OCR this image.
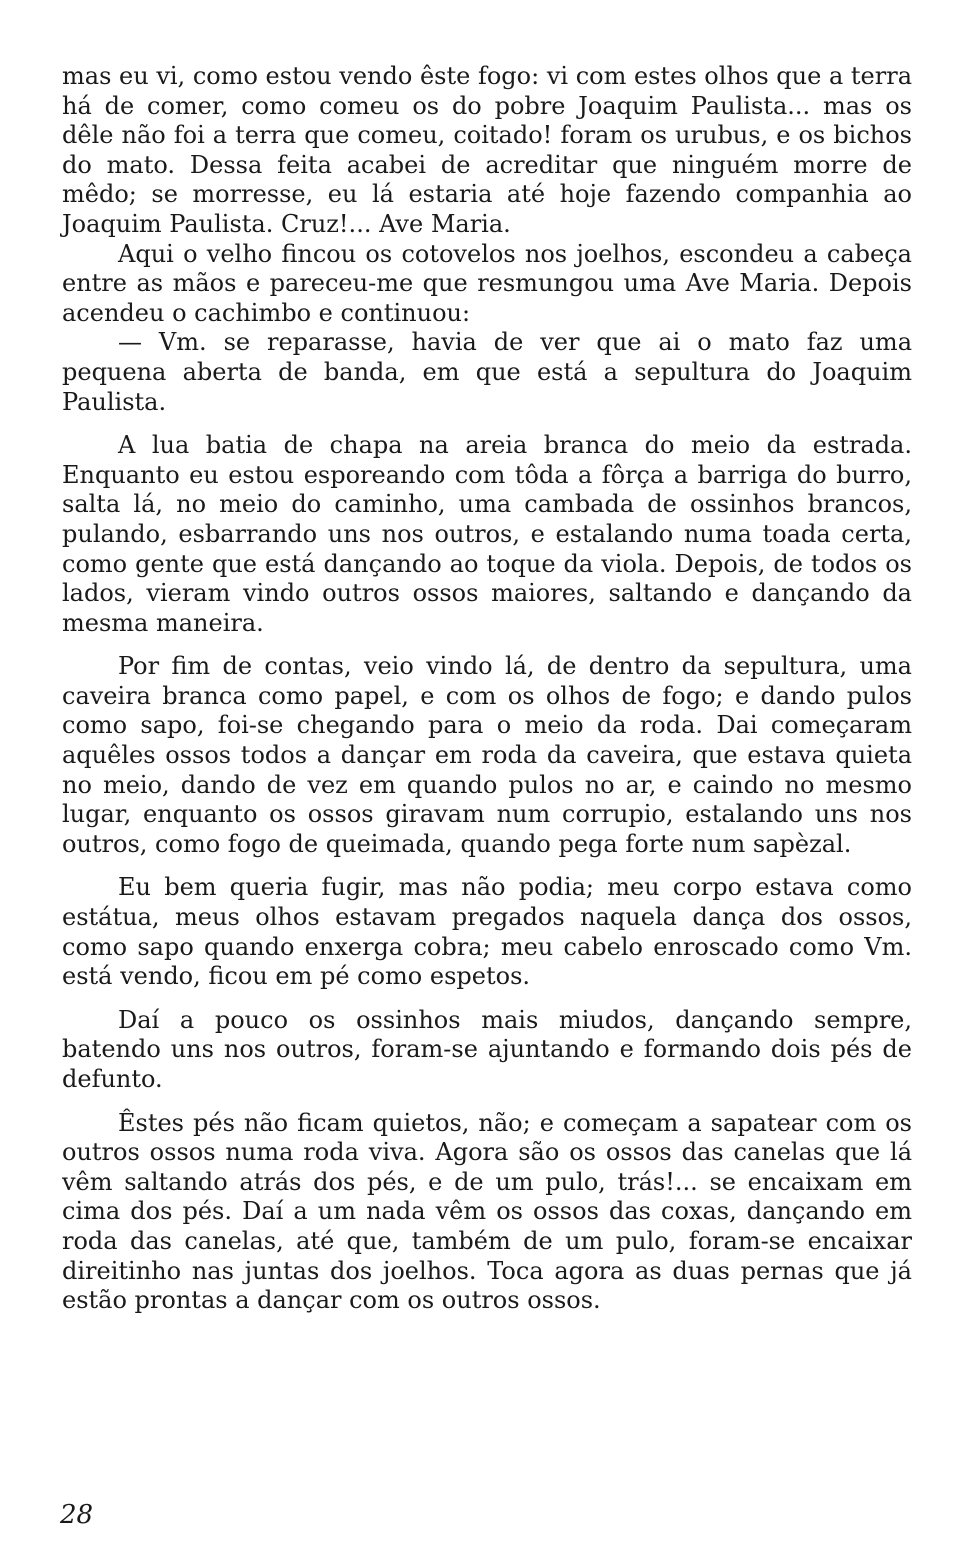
mas eu vi, como estou vendo êste fogo: vi com estes olhos que a terra há de comer, como comeu os do pobre Joaquim Paulista... mas os dêle não foi a terra que comeu, coitado! foram os urubus, e os bichos do mato. Dessa feita acabei de acreditar que ninguém morre de mêdo; se morresse, eu lá estaria até hoje fazendo companhia ao Joaquim Paulista. Cruz!... Ave Maria.

Aqui o velho fincou os cotovelos nos joelhos, escondeu a cabeça entre as mãos e pareceu-me que resmungou uma Ave Maria. Depois acendeu o cachimbo e continuou:

— Vm. se reparasse, havia de ver que ai o mato faz uma pequena aberta de banda, em que está a sepultura do Joaquim Paulista.

A lua batia de chapa na areia branca do meio da estrada. Enquanto eu estou esporeando com tôda a fôrça a barriga do burro, salta lá, no meio do caminho, uma cambada de ossinhos brancos, pulando, esbarrando uns nos outros, e estalando numa toada certa, como gente que está dançando ao toque da viola. Depois, de todos os lados, vieram vindo outros ossos maiores, saltando e dançando da mesma maneira.

Por fim de contas, veio vindo lá, de dentro da sepultura, uma caveira branca como papel, e com os olhos de fogo; e dando pulos como sapo, foi-se chegando para o meio da roda. Dai começaram aquêles ossos todos a dançar em roda da caveira, que estava quieta no meio, dando de vez em quando pulos no ar, e caindo no mesmo lugar, enquanto os ossos giravam num corrupio, estalando uns nos outros, como fogo de queimada, quando pega forte num sapèzal.

Eu bem queria fugir, mas não podia; meu corpo estava como estátua, meus olhos estavam pregados naquela dança dos ossos, como sapo quando enxerga cobra; meu cabelo enroscado como Vm. está vendo, ficou em pé como espetos.

Daí a pouco os ossinhos mais miudos, dançando sempre, batendo uns nos outros, foram-se ajuntando e formando dois pés de defunto.

Êstes pés não ficam quietos, não; e começam a sapatear com os outros ossos numa roda viva. Agora são os ossos das canelas que lá vêm saltando atrás dos pés, e de um pulo, trás!... se encaixam em cima dos pés. Daí a um nada vêm os ossos das coxas, dançando em roda das canelas, até que, também de um pulo, foram-se encaixar direitinho nas juntas dos joelhos. Toca agora as duas pernas que já estão prontas a dançar com os outros ossos.

28
